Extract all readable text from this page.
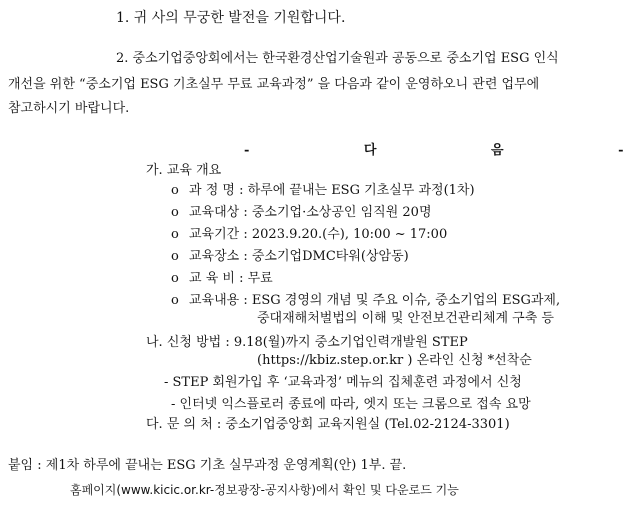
1. 귀 사의 무궁한 발전을 기원합니다.
2. 중소기업중앙회에서는 한국환경산업기술원과 공동으로 중소기업 ESG 인식
개선을 위한 “중소기업 ESG 기초실무 무료 교육과정” 을 다음과 같이 운영하오니 관련 업무에
참고하시기 바랍니다.
- 다 음 -
가. 교육 개요
o 과 정 명 : 하루에 끝내는 ESG 기초실무 과정(1차)
o 교육대상 : 중소기업·소상공인 임직원 20명
o 교육기간 : 2023.9.20.(수), 10:00 ~ 17:00
o 교육장소 : 중소기업DMC타워(상암동)
o 교 육 비 : 무료
o 교육내용 : ESG 경영의 개념 및 주요 이슈, 중소기업의 ESG과제,
중대재해처벌법의 이해 및 안전보건관리체계 구축 등
나. 신청 방법 : 9.18(월)까지 중소기업인력개발원 STEP
(https://kbiz.step.or.kr ) 온라인 신청 *선착순
- STEP 회원가입 후 ‘교육과정’ 메뉴의 집체훈련 과정에서 신청
- 인터넷 익스플로러 종료에 따라, 엣지 또는 크롬으로 접속 요망
다. 문 의 처 : 중소기업중앙회 교육지원실 (Tel.02-2124-3301)
붙임 : 제1차 하루에 끝내는 ESG 기초 실무과정 운영계획(안) 1부. 끝.
홈페이지(www.kicic.or.kr-정보광장-공지사항)에서 확인 및 다운로드 기능
